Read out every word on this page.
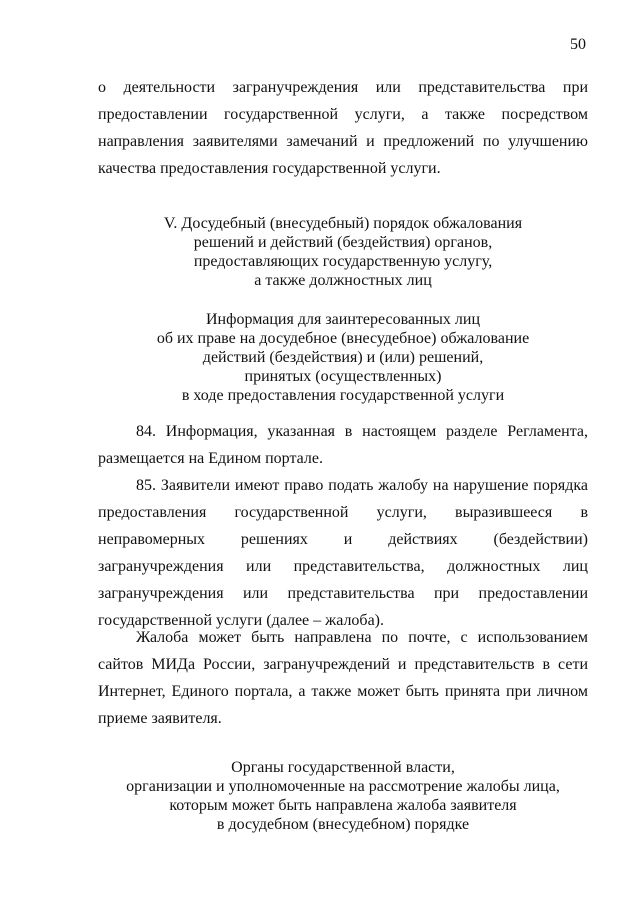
50

о деятельности загранучреждения или представительства при предоставлении государственной услуги, а также посредством направления заявителями замечаний и предложений по улучшению качества предоставления государственной услуги.

V. Досудебный (внесудебный) порядок обжалования
решений и действий (бездействия) органов,
предоставляющих государственную услугу,
а также должностных лиц
Информация для заинтересованных лиц
об их праве на досудебное (внесудебное) обжалование
действий (бездействия) и (или) решений,
принятых (осуществленных)
в ходе предоставления государственной услуги

84. Информация, указанная в настоящем разделе Регламента, размещается на Едином портале.

85. Заявители имеют право подать жалобу на нарушение порядка предоставления государственной услуги, выразившееся в неправомерных решениях и действиях (бездействии) загранучреждения или представительства, должностных лиц загранучреждения или представительства при предоставлении государственной услуги (далее – жалоба).

Жалоба может быть направлена по почте, с использованием сайтов МИДа России, загранучреждений и представительств в сети Интернет, Единого портала, а также может быть принята при личном приеме заявителя.

Органы государственной власти,
организации и уполномоченные на рассмотрение жалобы лица,
которым может быть направлена жалоба заявителя
в досудебном (внесудебном) порядке
